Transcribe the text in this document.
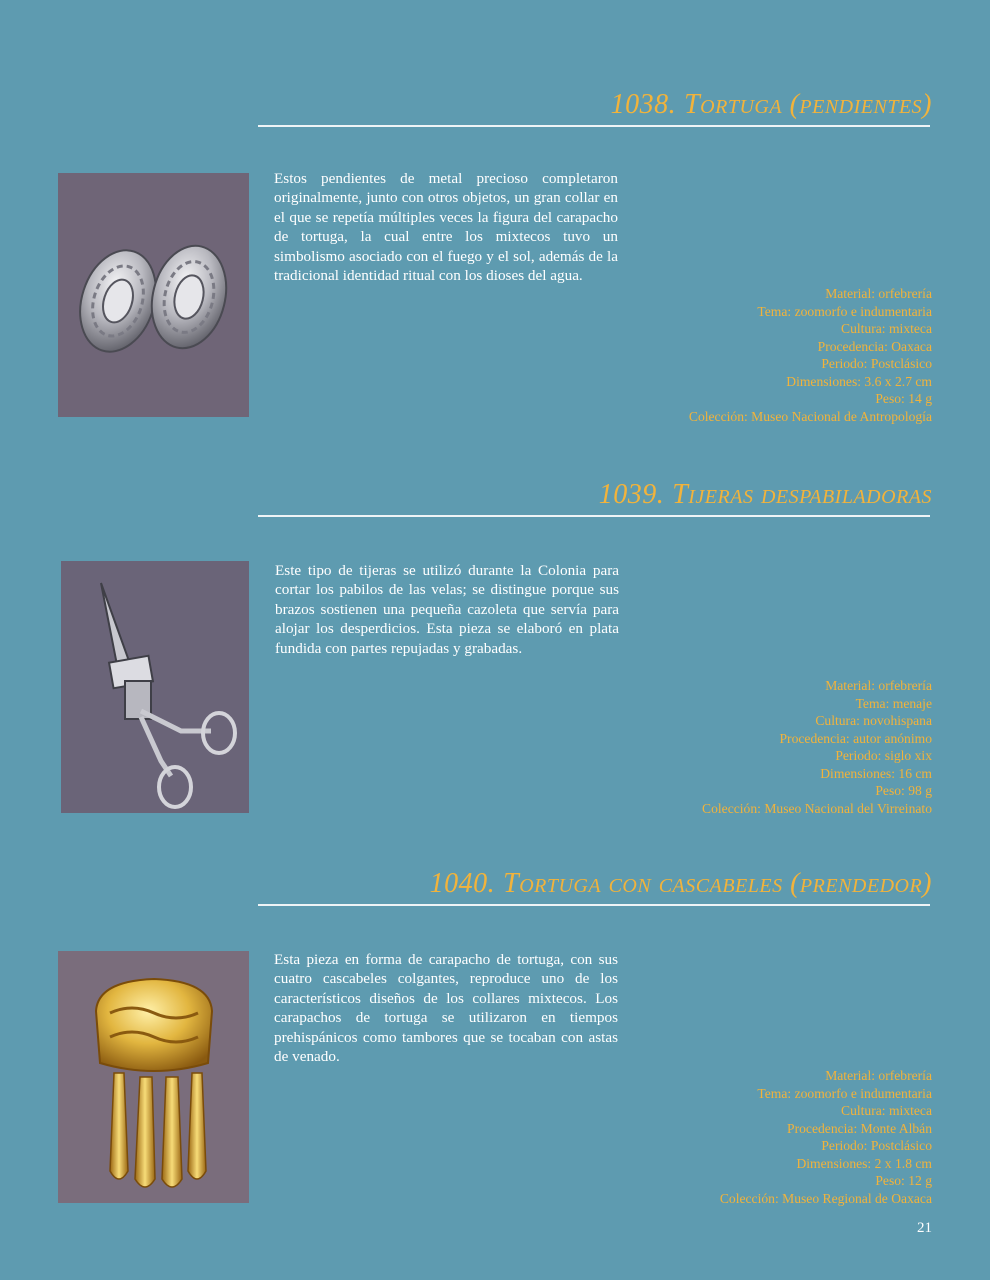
1038. Tortuga (pendientes)

Estos pendientes de metal precioso completaron originalmente, junto con otros objetos, un gran collar en el que se repetía múltiples veces la figura del carapacho de tortuga, la cual entre los mixtecos tuvo un simbolismo asociado con el fuego y el sol, además de la tradicional identidad ritual con los dioses del agua.

Material: orfebrería
Tema: zoomorfo e indumentaria
Cultura: mixteca
Procedencia: Oaxaca
Periodo: Postclásico
Dimensiones: 3.6 x 2.7 cm
Peso: 14 g
Colección: Museo Nacional de Antropología
1039. Tijeras despabiladoras

Este tipo de tijeras se utilizó durante la Colonia para cortar los pabilos de las velas; se distingue porque sus brazos sostienen una pequeña cazoleta que servía para alojar los desperdicios. Esta pieza se elaboró en plata fundida con partes repujadas y grabadas.

Material: orfebrería
Tema: menaje
Cultura: novohispana
Procedencia: autor anónimo
Periodo: siglo xix
Dimensiones: 16 cm
Peso: 98 g
Colección: Museo Nacional del Virreinato
1040. Tortuga con cascabeles (prendedor)

Esta pieza en forma de carapacho de tortuga, con sus cuatro cascabeles colgantes, reproduce uno de los característicos diseños de los collares mixtecos. Los carapachos de tortuga se utilizaron en tiempos prehispánicos como tambores que se tocaban con astas de venado.

Material: orfebrería
Tema: zoomorfo e indumentaria
Cultura: mixteca
Procedencia: Monte Albán
Periodo: Postclásico
Dimensiones: 2 x 1.8 cm
Peso: 12 g
Colección: Museo Regional de Oaxaca
21
